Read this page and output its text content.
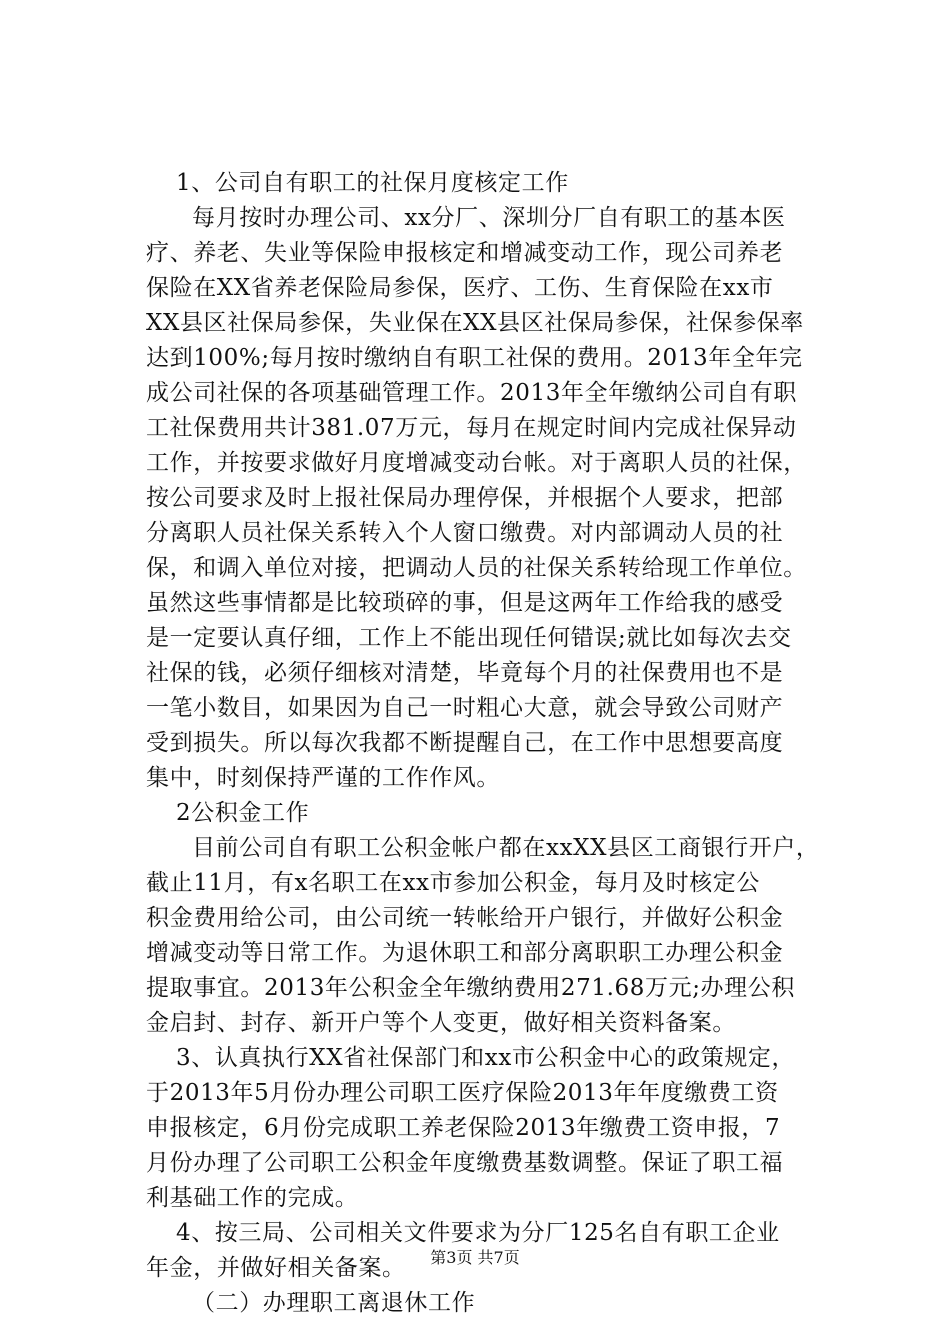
1、公司自有职工的社保月度核定工作
每月按时办理公司、xx分厂、深圳分厂自有职工的基本医
疗、养老、失业等保险申报核定和增减变动工作，现公司养老
保险在XX省养老保险局参保，医疗、工伤、生育保险在xx市
XX县区社保局参保，失业保在XX县区社保局参保，社保参保率
达到100%;每月按时缴纳自有职工社保的费用。2013年全年完
成公司社保的各项基础管理工作。2013年全年缴纳公司自有职
工社保费用共计381.07万元，每月在规定时间内完成社保异动
工作，并按要求做好月度增减变动台帐。对于离职人员的社保，
按公司要求及时上报社保局办理停保，并根据个人要求，把部
分离职人员社保关系转入个人窗口缴费。对内部调动人员的社
保，和调入单位对接，把调动人员的社保关系转给现工作单位。
虽然这些事情都是比较琐碎的事，但是这两年工作给我的感受
是一定要认真仔细，工作上不能出现任何错误;就比如每次去交
社保的钱，必须仔细核对清楚，毕竟每个月的社保费用也不是
一笔小数目，如果因为自己一时粗心大意，就会导致公司财产
受到损失。所以每次我都不断提醒自己，在工作中思想要高度
集中，时刻保持严谨的工作作风。
2公积金工作
目前公司自有职工公积金帐户都在xxXX县区工商银行开户，
截止11月，有x名职工在xx市参加公积金，每月及时核定公
积金费用给公司，由公司统一转帐给开户银行，并做好公积金
增减变动等日常工作。为退休职工和部分离职职工办理公积金
提取事宜。2013年公积金全年缴纳费用271.68万元;办理公积
金启封、封存、新开户等个人变更，做好相关资料备案。
3、认真执行XX省社保部门和xx市公积金中心的政策规定，
于2013年5月份办理公司职工医疗保险2013年年度缴费工资
申报核定，6月份完成职工养老保险2013年缴费工资申报，7
月份办理了公司职工公积金年度缴费基数调整。保证了职工福
利基础工作的完成。
4、按三局、公司相关文件要求为分厂125名自有职工企业
年金，并做好相关备案。
（二）办理职工离退休工作
第3页 共7页
